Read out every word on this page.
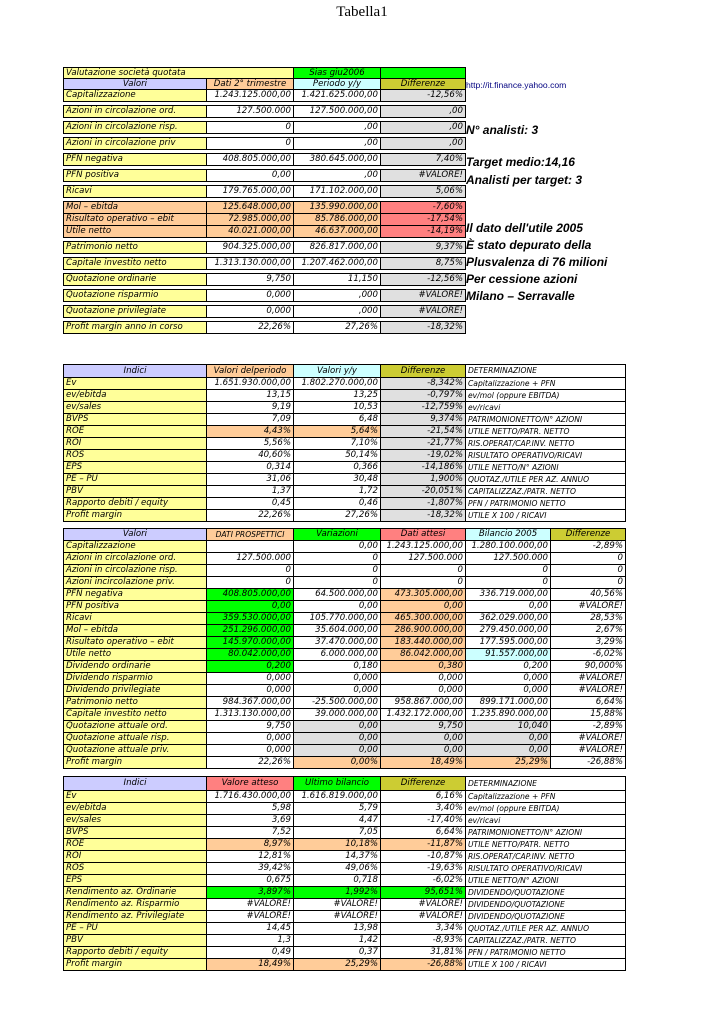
Tabella1
Valutazione società quotata		Sias giu2006	
Valori	Dati 2° trimestre	Periodo y/y	Differenze
Capitalizzazione	1.243.125.000,00	1.421.625.000,00	-12,56%

Azioni in circolazione ord.	127.500.000	127.500.000,00	,00

Azioni in circolazione risp.	0	,00	,00

Azioni in circolazione priv	0	,00	,00

PFN negativa	408.805.000,00	380.645.000,00	7,40%

PFN positiva	0,00	,00	#VALORE!

Ricavi	179.765.000,00	171.102.000,00	5,06%

Mol – ebitda	125.648.000,00	135.990.000,00	-7,60%
Risultato operativo – ebit	72.985.000,00	85.786.000,00	-17,54%
Utile netto	40.021.000,00	46.637.000,00	-14,19%

Patrimonio netto	904.325.000,00	826.817.000,00	9,37%

Capitale investito netto	1.313.130.000,00	1.207.462.000,00	8,75%

Quotazione ordinarie	9,750	11,150	-12,56%

Quotazione risparmio	0,000	,000	#VALORE!

Quotazione privilegiate	0,000	,000	#VALORE!

Profit margin anno in corso	22,26%	27,26%	-18,32%
http://it.finance.yahoo.com
N° analisti: 3
Target medio:14,16
Analisti per target: 3
Il dato dell'utile 2005
È stato depurato della
Plusvalenza di 76 milioni
Per cessione azioni
Milano – Serravalle
Indici	Valori delperiodo	Valori y/y	Differenze	DETERMINAZIONE
Ev	1.651.930.000,00	1.802.270.000,00	-8,342%	Capitalizzazione + PFN
ev/ebitda	13,15	13,25	-0,797%	ev/mol (oppure EBITDA)
ev/sales	9,19	10,53	-12,759%	ev/ricavi
BVPS	7,09	6,48	9,374%	PATRIMONIONETTO/N° AZIONI
ROE	4,43%	5,64%	-21,54%	UTILE NETTO/PATR. NETTO
ROI	5,56%	7,10%	-21,77%	RIS.OPERAT/CAP.INV. NETTO
ROS	40,60%	50,14%	-19,02%	RISULTATO OPERATIVO/RICAVI
EPS	0,314	0,366	-14,186%	UTILE NETTO/N° AZIONI
PE – PU	31,06	30,48	1,900%	QUOTAZ./UTILE PER AZ. ANNUO
PBV	1,37	1,72	-20,051%	CAPITALIZZAZ./PATR. NETTO
Rapporto debiti / equity	0,45	0,46	-1,807%	PFN / PATRIMONIO NETTO
Profit margin	22,26%	27,26%	-18,32%	UTILE X 100 / RICAVI
Valori	DATI PROSPETTICI	Variazioni	Dati attesi	Bilancio 2005	Differenze
Capitalizzazione		0,00	1.243.125.000,00	1.280.100.000,00	-2,89%
Azioni in circolazione ord.	127.500.000	0	127.500.000	127.500.000	0
Azioni in circolazione risp.	0	0	0	0	0
Azioni incircolazione priv.	0	0	0	0	0
PFN negativa	408.805.000,00	64.500.000,00	473.305.000,00	336.719.000,00	40,56%
PFN positiva	0,00	0,00	0,00	0,00	#VALORE!
Ricavi	359.530.000,00	105.770.000,00	465.300.000,00	362.029.000,00	28,53%
Mol – ebitda	251.296.000,00	35.604.000,00	286.900.000,00	279.450.000,00	2,67%
Risultato operativo – ebit	145.970.000,00	37.470.000,00	183.440.000,00	177.595.000,00	3,29%
Utile netto	80.042.000,00	6.000.000,00	86.042.000,00	91.557.000,00	-6,02%
Dividendo ordinarie	0,200	0,180	0,380	0,200	90,000%
Dividendo risparmio	0,000	0,000	0,000	0,000	#VALORE!
Dividendo privilegiate	0,000	0,000	0,000	0,000	#VALORE!
Patrimonio netto	984.367.000,00	-25.500.000,00	958.867.000,00	899.171.000,00	6,64%
Capitale investito netto	1.313.130.000,00	39.000.000,00	1.432.172.000,00	1.235.890.000,00	15,88%
Quotazione attuale ord.	9,750	0,00	9,750	10,040	-2,89%
Quotazione attuale risp.	0,000	0,00	0,00	0,00	#VALORE!
Quotazione attuale priv.	0,000	0,00	0,00	0,00	#VALORE!
Profit margin	22,26%	0,00%	18,49%	25,29%	-26,88%
Indici	Valore atteso	Ultimo bilancio	Differenze	DETERMINAZIONE
Ev	1.716.430.000,00	1.616.819.000,00	6,16%	Capitalizzazione + PFN
ev/ebitda	5,98	5,79	3,40%	ev/mol (oppure EBITDA)
ev/sales	3,69	4,47	-17,40%	ev/ricavi
BVPS	7,52	7,05	6,64%	PATRIMONIONETTO/N° AZIONI
ROE	8,97%	10,18%	-11,87%	UTILE NETTO/PATR. NETTO
ROI	12,81%	14,37%	-10,87%	RIS.OPERAT/CAP.INV. NETTO
ROS	39,42%	49,06%	-19,63%	RISULTATO OPERATIVO/RICAVI
EPS	0,675	0,718	-6,02%	UTILE NETTO/N° AZIONI
Rendimento az. Ordinarie	3,897%	1,992%	95,651%	DIVIDENDO/QUOTAZIONE
Rendimento az. Risparmio	#VALORE!	#VALORE!	#VALORE!	DIVIDENDO/QUOTAZIONE
Rendimento az. Privilegiate	#VALORE!	#VALORE!	#VALORE!	DIVIDENDO/QUOTAZIONE
PE – PU	14,45	13,98	3,34%	QUOTAZ./UTILE PER AZ. ANNUO
PBV	1,3	1,42	-8,93%	CAPITALIZZAZ./PATR. NETTO
Rapporto debiti / equity	0,49	0,37	31,81%	PFN / PATRIMONIO NETTO
Profit margin	18,49%	25,29%	-26,88%	UTILE X 100 / RICAVI
